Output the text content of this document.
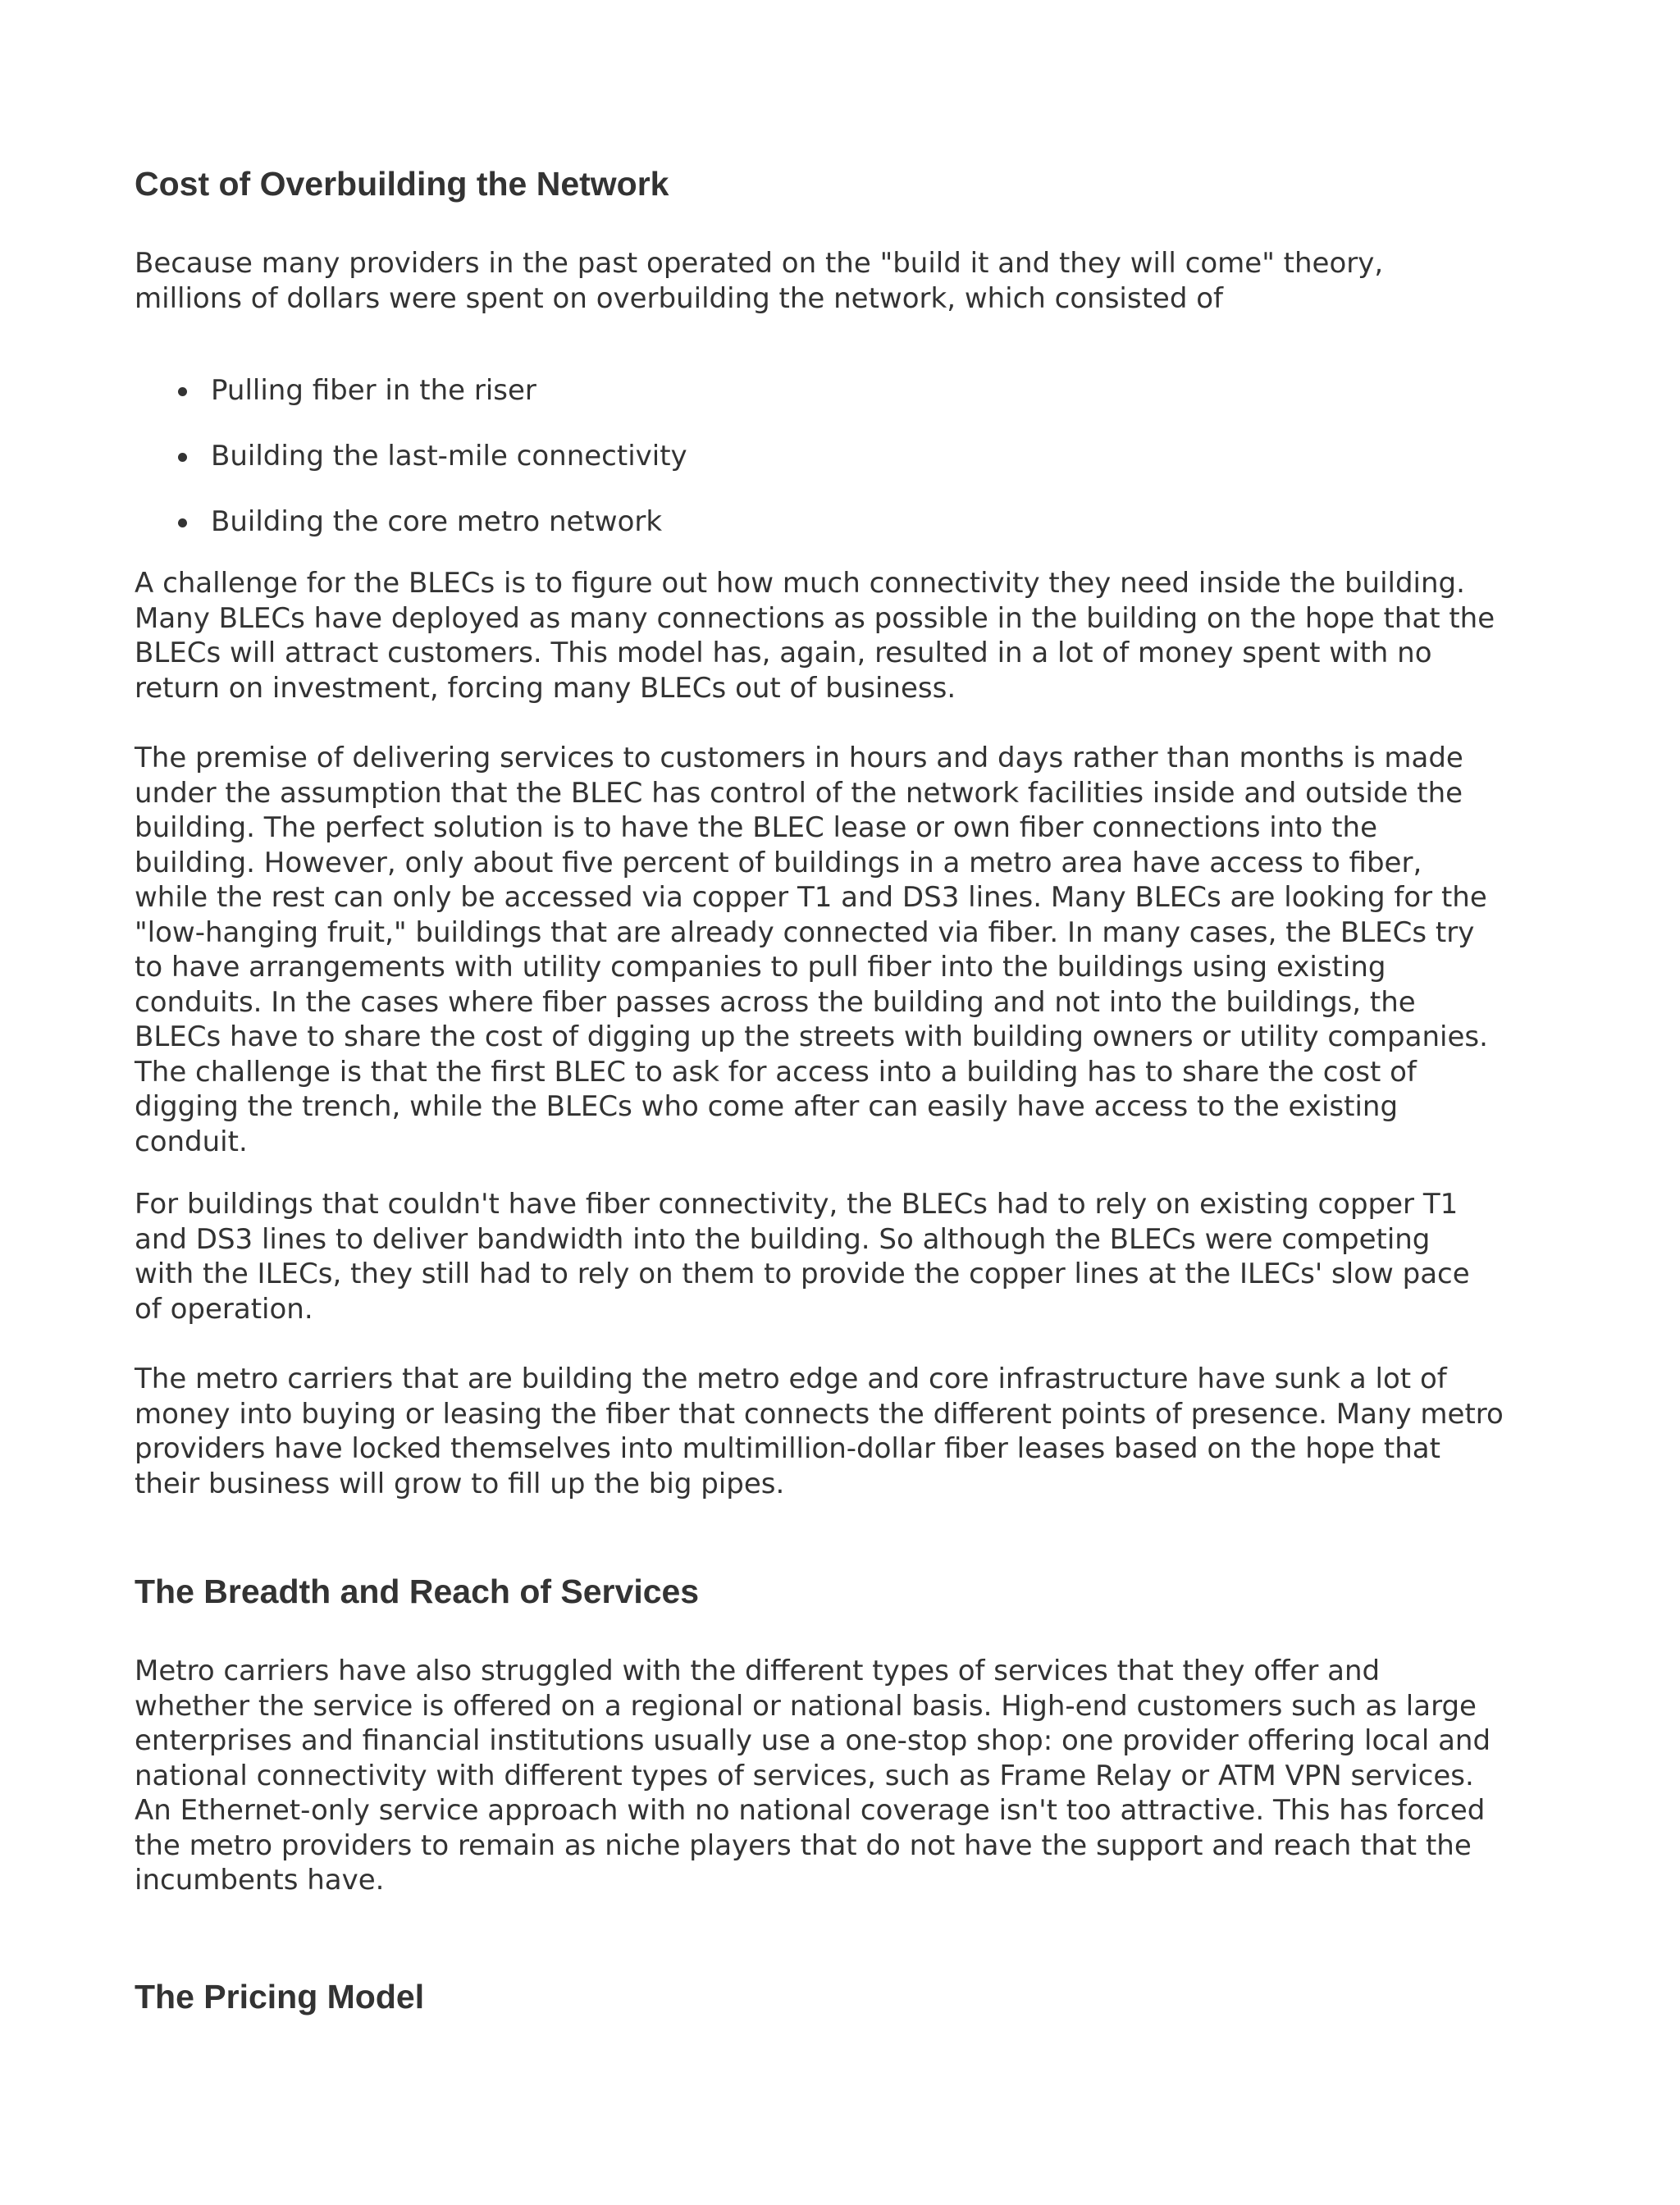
Cost of Overbuilding the Network

Because many providers in the past operated on the "build it and they will come" theory,
millions of dollars were spent on overbuilding the network, which consisted of

Pulling fiber in the riser
Building the last-mile connectivity
Building the core metro network

A challenge for the BLECs is to figure out how much connectivity they need inside the building.
Many BLECs have deployed as many connections as possible in the building on the hope that the
BLECs will attract customers. This model has, again, resulted in a lot of money spent with no
return on investment, forcing many BLECs out of business.

The premise of delivering services to customers in hours and days rather than months is made
under the assumption that the BLEC has control of the network facilities inside and outside the
building. The perfect solution is to have the BLEC lease or own fiber connections into the
building. However, only about five percent of buildings in a metro area have access to fiber,
while the rest can only be accessed via copper T1 and DS3 lines. Many BLECs are looking for the
"low-hanging fruit," buildings that are already connected via fiber. In many cases, the BLECs try
to have arrangements with utility companies to pull fiber into the buildings using existing
conduits. In the cases where fiber passes across the building and not into the buildings, the
BLECs have to share the cost of digging up the streets with building owners or utility companies.
The challenge is that the first BLEC to ask for access into a building has to share the cost of
digging the trench, while the BLECs who come after can easily have access to the existing
conduit.

For buildings that couldn't have fiber connectivity, the BLECs had to rely on existing copper T1
and DS3 lines to deliver bandwidth into the building. So although the BLECs were competing
with the ILECs, they still had to rely on them to provide the copper lines at the ILECs' slow pace
of operation.

The metro carriers that are building the metro edge and core infrastructure have sunk a lot of
money into buying or leasing the fiber that connects the different points of presence. Many metro
providers have locked themselves into multimillion-dollar fiber leases based on the hope that
their business will grow to fill up the big pipes.

The Breadth and Reach of Services

Metro carriers have also struggled with the different types of services that they offer and
whether the service is offered on a regional or national basis. High-end customers such as large
enterprises and financial institutions usually use a one-stop shop: one provider offering local and
national connectivity with different types of services, such as Frame Relay or ATM VPN services.
An Ethernet-only service approach with no national coverage isn't too attractive. This has forced
the metro providers to remain as niche players that do not have the support and reach that the
incumbents have.

The Pricing Model
